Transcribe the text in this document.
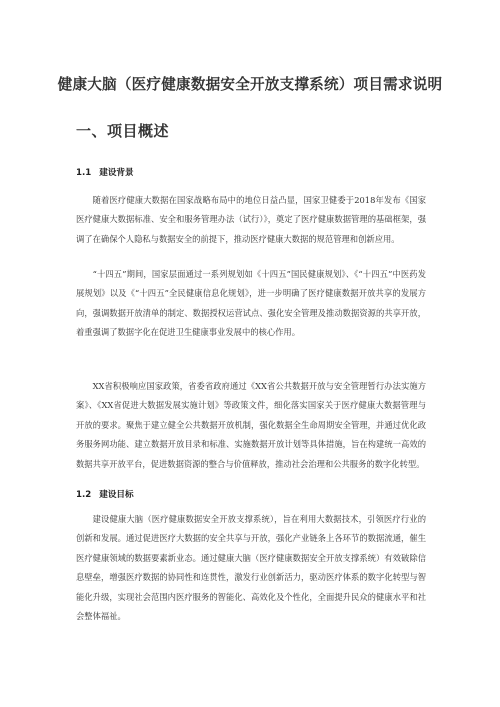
健康大脑（医疗健康数据安全开放支撑系统）项目需求说明
一、项目概述
1.1 建设背景

随着医疗健康大数据在国家战略布局中的地位日益凸显，国家卫健委于2018年发布《国家医疗健康大数据标准、安全和服务管理办法（试行）》，奠定了医疗健康数据管理的基础框架，强调了在确保个人隐私与数据安全的前提下，推动医疗健康大数据的规范管理和创新应用。

“十四五”期间，国家层面通过一系列规划如《十四五”国民健康规划》、《“十四五”中医药发展规划》以及《“十四五”全民健康信息化规划》，进一步明确了医疗健康数据开放共享的发展方向，强调数据开放清单的制定、数据授权运营试点、强化安全管理及推动数据资源的共享开放，着重强调了数据字化在促进卫生健康事业发展中的核心作用。

XX省积极响应国家政策，省委省政府通过《XX省公共数据开放与安全管理暂行办法实施方案》、《XX省促进大数据发展实施计划》等政策文件，细化落实国家关于医疗健康大数据管理与开放的要求。聚焦于建立健全公共数据开放机制，强化数据全生命周期安全管理，并通过优化政务服务网功能、建立数据开放目录和标准、实施数据开放计划等具体措施，旨在构建统一高效的数据共享开放平台，促进数据资源的整合与价值释放，推动社会治理和公共服务的数字化转型。

1.2 建设目标

建设健康大脑（医疗健康数据安全开放支撑系统），旨在利用大数据技术，引领医疗行业的创新和发展。通过促进医疗大数据的安全共享与开放，强化产业链条上各环节的数据流通，催生医疗健康领域的数据要素新业态。通过健康大脑（医疗健康数据安全开放支撑系统）有效破除信息壁垒，增强医疗数据的协同性和连贯性，激发行业创新活力，驱动医疗体系的数字化转型与智能化升级，实现社会范围内医疗服务的智能化、高效化及个性化，全面提升民众的健康水平和社会整体福祉。
